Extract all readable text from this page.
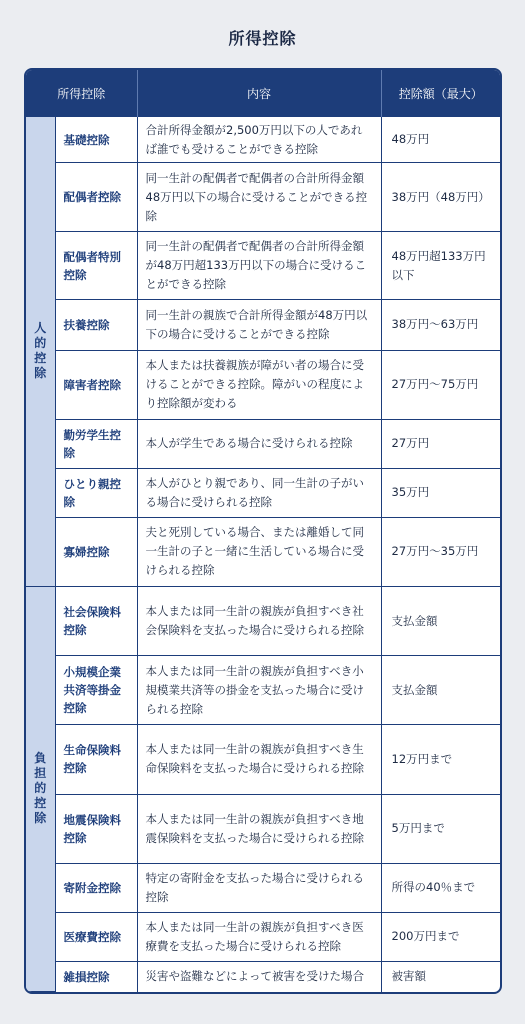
所得控除
所得控除		内容	控除額（最大）
人的控除	基礎控除	合計所得金額が2,500万円以下の人であれば誰でも受けることができる控除	48万円
	配偶者控除	同一生計の配偶者で配偶者の合計所得金額48万円以下の場合に受けることができる控除	38万円（48万円）
	配偶者特別控除	同一生計の配偶者で配偶者の合計所得金額が48万円超133万円以下の場合に受けることができる控除	48万円超133万円以下
	扶養控除	同一生計の親族で合計所得金額が48万円以下の場合に受けることができる控除	38万円～63万円
	障害者控除	本人または扶養親族が障がい者の場合に受けることができる控除。障がいの程度により控除額が変わる	27万円～75万円
	勤労学生控除	本人が学生である場合に受けられる控除	27万円
	ひとり親控除	本人がひとり親であり、同一生計の子がいる場合に受けられる控除	35万円
	寡婦控除	夫と死別している場合、または離婚して同一生計の子と一緒に生活している場合に受けられる控除	27万円～35万円
負担的控除	社会保険料控除	本人または同一生計の親族が負担すべき社会保険料を支払った場合に受けられる控除	支払金額
	小規模企業共済等掛金控除	本人または同一生計の親族が負担すべき小規模業共済等の掛金を支払った場合に受けられる控除	支払金額
	生命保険料控除	本人または同一生計の親族が負担すべき生命保険料を支払った場合に受けられる控除	12万円まで
	地震保険料控除	本人または同一生計の親族が負担すべき地震保険料を支払った場合に受けられる控除	5万円まで
	寄附金控除	特定の寄附金を支払った場合に受けられる控除	所得の40％まで
	医療費控除	本人または同一生計の親族が負担すべき医療費を支払った場合に受けられる控除	200万円まで
	雑損控除	災害や盗難などによって被害を受けた場合	被害額
